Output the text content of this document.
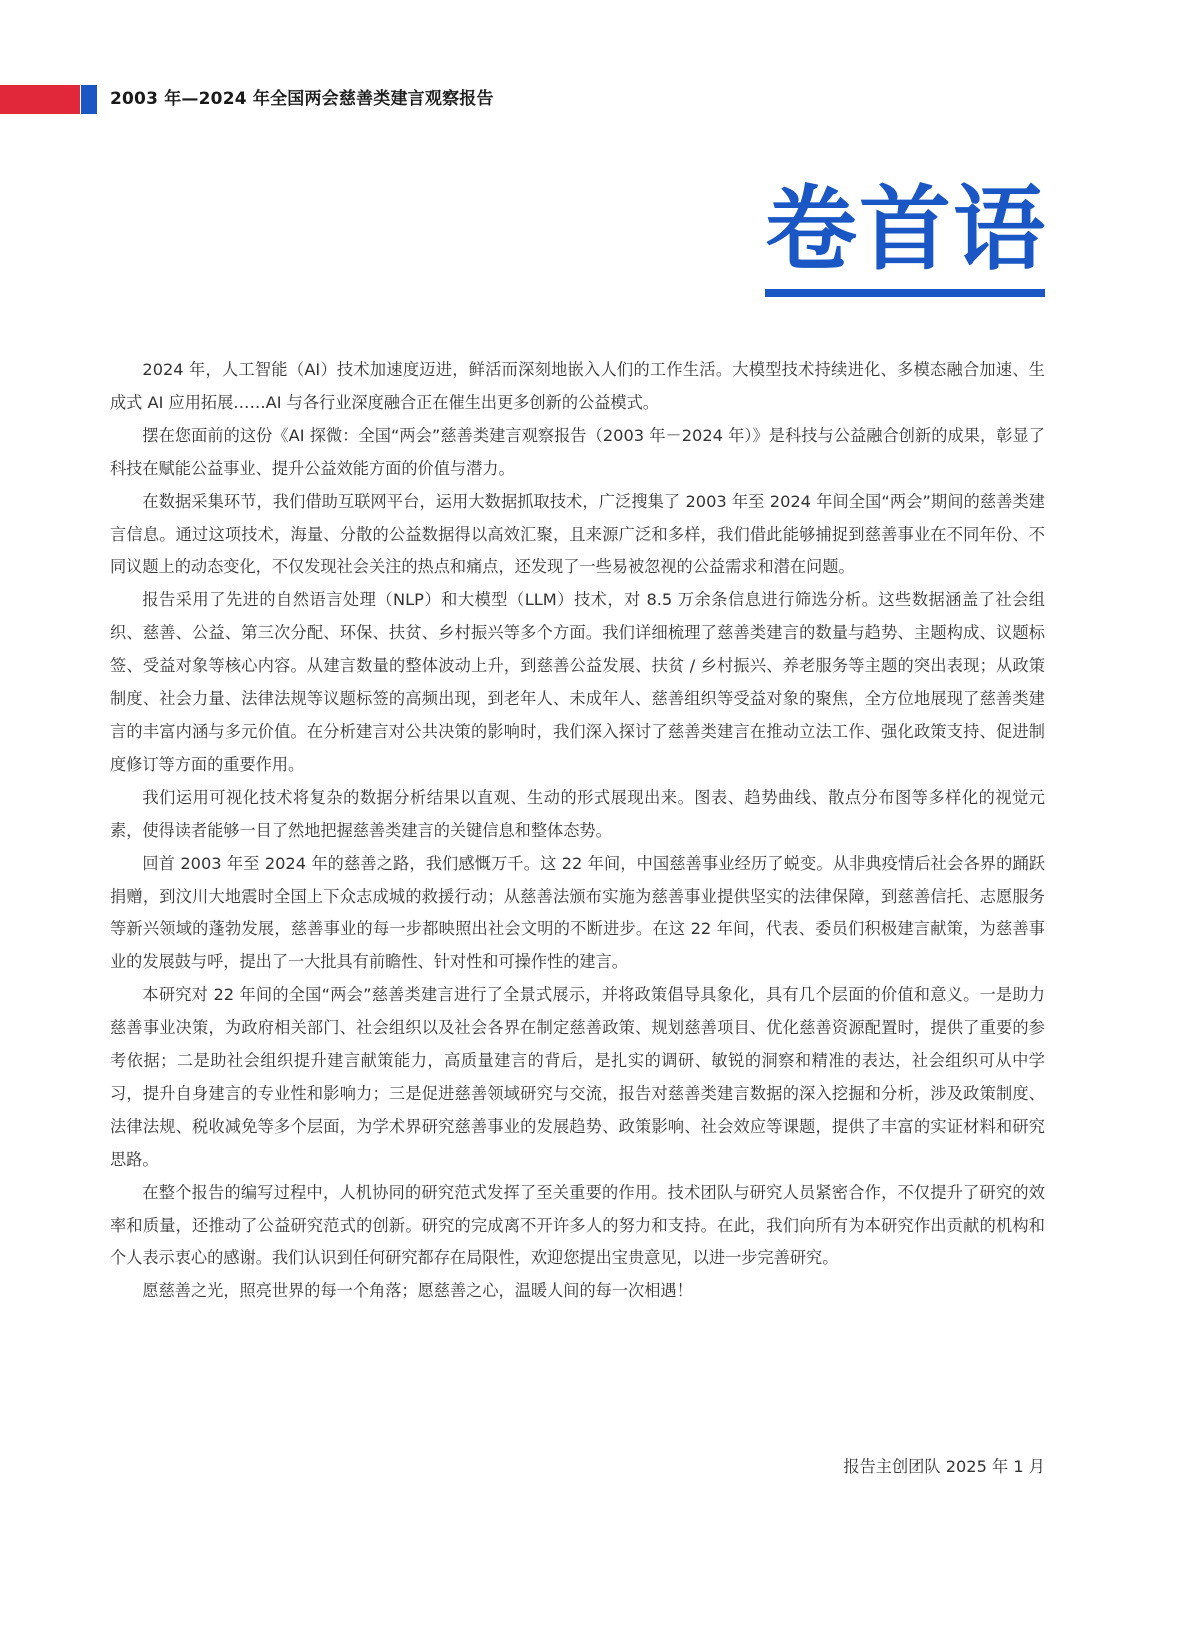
2003 年—2024 年全国两会慈善类建言观察报告
卷首语

2024 年，人工智能（AI）技术加速度迈进，鲜活而深刻地嵌入人们的工作生活。大模型技术持续进化、多模态融合加速、生成式 AI 应用拓展……AI 与各行业深度融合正在催生出更多创新的公益模式。

摆在您面前的这份《AI 探微：全国“两会”慈善类建言观察报告（2003 年－2024 年）》是科技与公益融合创新的成果，彰显了科技在赋能公益事业、提升公益效能方面的价值与潜力。

在数据采集环节，我们借助互联网平台，运用大数据抓取技术，广泛搜集了 2003 年至 2024 年间全国“两会”期间的慈善类建言信息。通过这项技术，海量、分散的公益数据得以高效汇聚，且来源广泛和多样，我们借此能够捕捉到慈善事业在不同年份、不同议题上的动态变化，不仅发现社会关注的热点和痛点，还发现了一些易被忽视的公益需求和潜在问题。

报告采用了先进的自然语言处理（NLP）和大模型（LLM）技术，对 8.5 万余条信息进行筛选分析。这些数据涵盖了社会组织、慈善、公益、第三次分配、环保、扶贫、乡村振兴等多个方面。我们详细梳理了慈善类建言的数量与趋势、主题构成、议题标签、受益对象等核心内容。从建言数量的整体波动上升，到慈善公益发展、扶贫 / 乡村振兴、养老服务等主题的突出表现；从政策制度、社会力量、法律法规等议题标签的高频出现，到老年人、未成年人、慈善组织等受益对象的聚焦，全方位地展现了慈善类建言的丰富内涵与多元价值。在分析建言对公共决策的影响时，我们深入探讨了慈善类建言在推动立法工作、强化政策支持、促进制度修订等方面的重要作用。

我们运用可视化技术将复杂的数据分析结果以直观、生动的形式展现出来。图表、趋势曲线、散点分布图等多样化的视觉元素，使得读者能够一目了然地把握慈善类建言的关键信息和整体态势。

回首 2003 年至 2024 年的慈善之路，我们感慨万千。这 22 年间，中国慈善事业经历了蜕变。从非典疫情后社会各界的踊跃捐赠，到汶川大地震时全国上下众志成城的救援行动；从慈善法颁布实施为慈善事业提供坚实的法律保障，到慈善信托、志愿服务等新兴领域的蓬勃发展，慈善事业的每一步都映照出社会文明的不断进步。在这 22 年间，代表、委员们积极建言献策，为慈善事业的发展鼓与呼，提出了一大批具有前瞻性、针对性和可操作性的建言。

本研究对 22 年间的全国“两会”慈善类建言进行了全景式展示，并将政策倡导具象化，具有几个层面的价值和意义。一是助力慈善事业决策，为政府相关部门、社会组织以及社会各界在制定慈善政策、规划慈善项目、优化慈善资源配置时，提供了重要的参考依据；二是助社会组织提升建言献策能力，高质量建言的背后，是扎实的调研、敏锐的洞察和精准的表达，社会组织可从中学习，提升自身建言的专业性和影响力；三是促进慈善领域研究与交流，报告对慈善类建言数据的深入挖掘和分析，涉及政策制度、法律法规、税收减免等多个层面，为学术界研究慈善事业的发展趋势、政策影响、社会效应等课题，提供了丰富的实证材料和研究思路。

在整个报告的编写过程中，人机协同的研究范式发挥了至关重要的作用。技术团队与研究人员紧密合作，不仅提升了研究的效率和质量，还推动了公益研究范式的创新。研究的完成离不开许多人的努力和支持。在此，我们向所有为本研究作出贡献的机构和个人表示衷心的感谢。我们认识到任何研究都存在局限性，欢迎您提出宝贵意见，以进一步完善研究。

愿慈善之光，照亮世界的每一个角落；愿慈善之心，温暖人间的每一次相遇！

报告主创团队 2025 年 1 月
